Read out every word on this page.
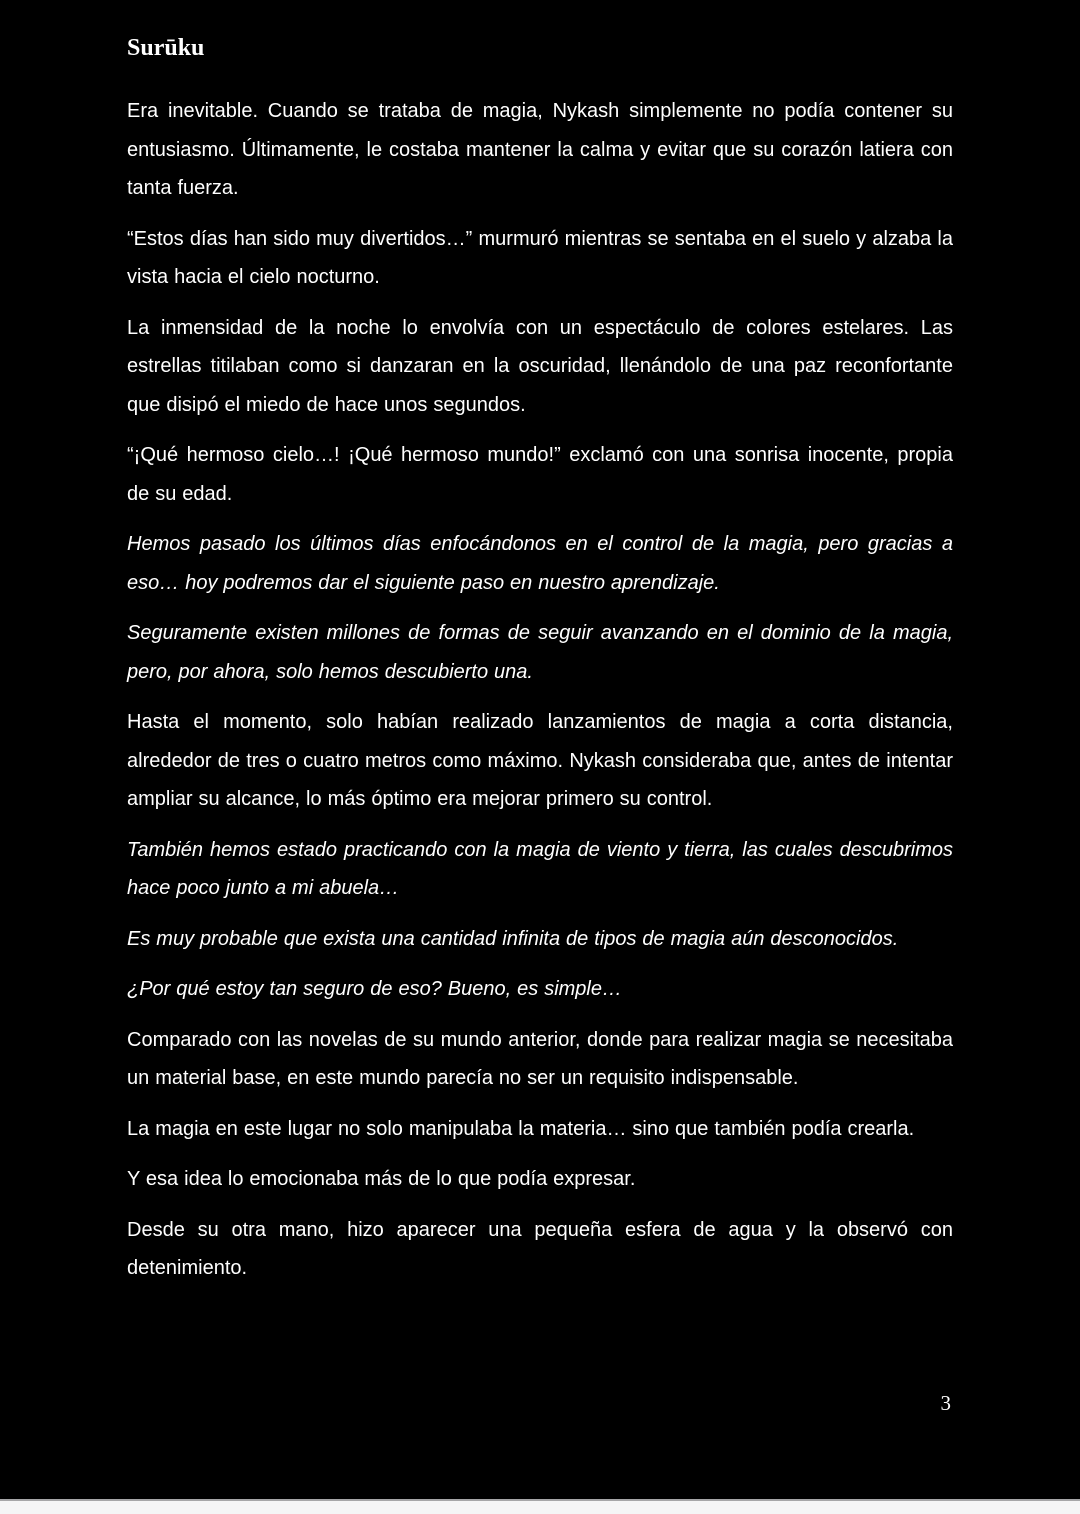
Surūku

Era inevitable. Cuando se trataba de magia, Nykash simplemente no podía contener su entusiasmo. Últimamente, le costaba mantener la calma y evitar que su corazón latiera con tanta fuerza.

“Estos días han sido muy divertidos…” murmuró mientras se sentaba en el suelo y alzaba la vista hacia el cielo nocturno.

La inmensidad de la noche lo envolvía con un espectáculo de colores estelares. Las estrellas titilaban como si danzaran en la oscuridad, llenándolo de una paz reconfortante que disipó el miedo de hace unos segundos.

“¡Qué hermoso cielo…! ¡Qué hermoso mundo!” exclamó con una sonrisa inocente, propia de su edad.

Hemos pasado los últimos días enfocándonos en el control de la magia, pero gracias a eso… hoy podremos dar el siguiente paso en nuestro aprendizaje.

Seguramente existen millones de formas de seguir avanzando en el dominio de la magia, pero, por ahora, solo hemos descubierto una.

Hasta el momento, solo habían realizado lanzamientos de magia a corta distancia, alrededor de tres o cuatro metros como máximo. Nykash consideraba que, antes de intentar ampliar su alcance, lo más óptimo era mejorar primero su control.

También hemos estado practicando con la magia de viento y tierra, las cuales descubrimos hace poco junto a mi abuela…

Es muy probable que exista una cantidad infinita de tipos de magia aún desconocidos.

¿Por qué estoy tan seguro de eso? Bueno, es simple…

Comparado con las novelas de su mundo anterior, donde para realizar magia se necesitaba un material base, en este mundo parecía no ser un requisito indispensable.

La magia en este lugar no solo manipulaba la materia… sino que también podía crearla.

Y esa idea lo emocionaba más de lo que podía expresar.

Desde su otra mano, hizo aparecer una pequeña esfera de agua y la observó con detenimiento.

3
